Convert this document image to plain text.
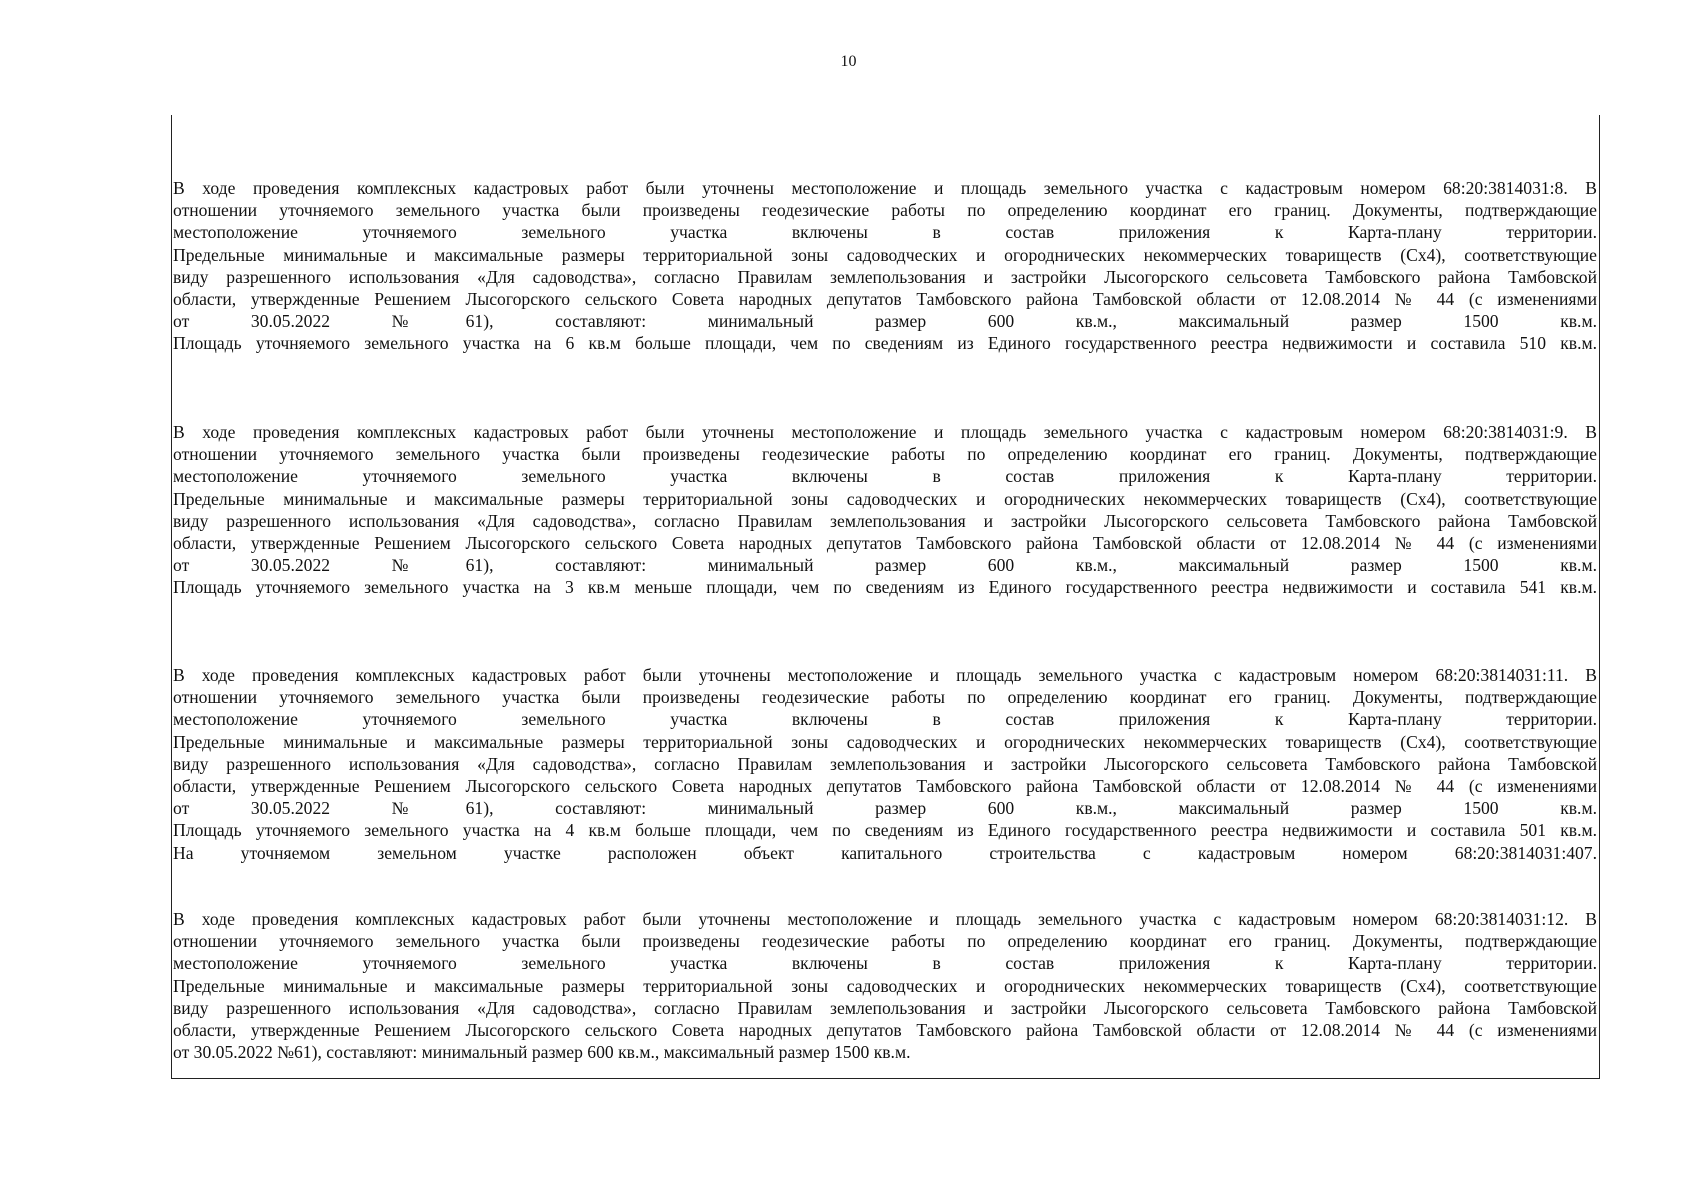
10
В ходе проведения комплексных кадастровых работ были уточнены местоположение и площадь земельного участка с кадастровым номером 68:20:3814031:8. В
отношении уточняемого земельного участка были произведены геодезические работы по определению координат его границ. Документы, подтверждающие
местоположение уточняемого земельного участка включены в состав приложения к Карта-плану территории.
Предельные минимальные и максимальные размеры территориальной зоны садоводческих и огороднических некоммерческих товариществ (Сх4), соответствующие
виду разрешенного использования «Для садоводства», согласно Правилам землепользования и застройки Лысогорского сельсовета Тамбовского района Тамбовской
области, утвержденные Решением Лысогорского сельского Совета народных депутатов Тамбовского района Тамбовской области от 12.08.2014 № 44 (с изменениями
от 30.05.2022 №61), составляют: минимальный размер 600 кв.м., максимальный размер 1500 кв.м.
Площадь уточняемого земельного участка на 6 кв.м больше площади, чем по сведениям из Единого государственного реестра недвижимости и составила 510 кв.м.
В ходе проведения комплексных кадастровых работ были уточнены местоположение и площадь земельного участка с кадастровым номером 68:20:3814031:9. В
отношении уточняемого земельного участка были произведены геодезические работы по определению координат его границ. Документы, подтверждающие
местоположение уточняемого земельного участка включены в состав приложения к Карта-плану территории.
Предельные минимальные и максимальные размеры территориальной зоны садоводческих и огороднических некоммерческих товариществ (Сх4), соответствующие
виду разрешенного использования «Для садоводства», согласно Правилам землепользования и застройки Лысогорского сельсовета Тамбовского района Тамбовской
области, утвержденные Решением Лысогорского сельского Совета народных депутатов Тамбовского района Тамбовской области от 12.08.2014 № 44 (с изменениями
от 30.05.2022 №61), составляют: минимальный размер 600 кв.м., максимальный размер 1500 кв.м.
Площадь уточняемого земельного участка на 3 кв.м меньше площади, чем по сведениям из Единого государственного реестра недвижимости и составила 541 кв.м.
В ходе проведения комплексных кадастровых работ были уточнены местоположение и площадь земельного участка с кадастровым номером 68:20:3814031:11. В
отношении уточняемого земельного участка были произведены геодезические работы по определению координат его границ. Документы, подтверждающие
местоположение уточняемого земельного участка включены в состав приложения к Карта-плану территории.
Предельные минимальные и максимальные размеры территориальной зоны садоводческих и огороднических некоммерческих товариществ (Сх4), соответствующие
виду разрешенного использования «Для садоводства», согласно Правилам землепользования и застройки Лысогорского сельсовета Тамбовского района Тамбовской
области, утвержденные Решением Лысогорского сельского Совета народных депутатов Тамбовского района Тамбовской области от 12.08.2014 № 44 (с изменениями
от 30.05.2022 №61), составляют: минимальный размер 600 кв.м., максимальный размер 1500 кв.м.
Площадь уточняемого земельного участка на 4 кв.м больше площади, чем по сведениям из Единого государственного реестра недвижимости и составила 501 кв.м.
На уточняемом земельном участке расположен объект капитального строительства с кадастровым номером 68:20:3814031:407.
В ходе проведения комплексных кадастровых работ были уточнены местоположение и площадь земельного участка с кадастровым номером 68:20:3814031:12. В
отношении уточняемого земельного участка были произведены геодезические работы по определению координат его границ. Документы, подтверждающие
местоположение уточняемого земельного участка включены в состав приложения к Карта-плану территории.
Предельные минимальные и максимальные размеры территориальной зоны садоводческих и огороднических некоммерческих товариществ (Сх4), соответствующие
виду разрешенного использования «Для садоводства», согласно Правилам землепользования и застройки Лысогорского сельсовета Тамбовского района Тамбовской
области, утвержденные Решением Лысогорского сельского Совета народных депутатов Тамбовского района Тамбовской области от 12.08.2014 № 44 (с изменениями
от 30.05.2022 №61), составляют: минимальный размер 600 кв.м., максимальный размер 1500 кв.м.
